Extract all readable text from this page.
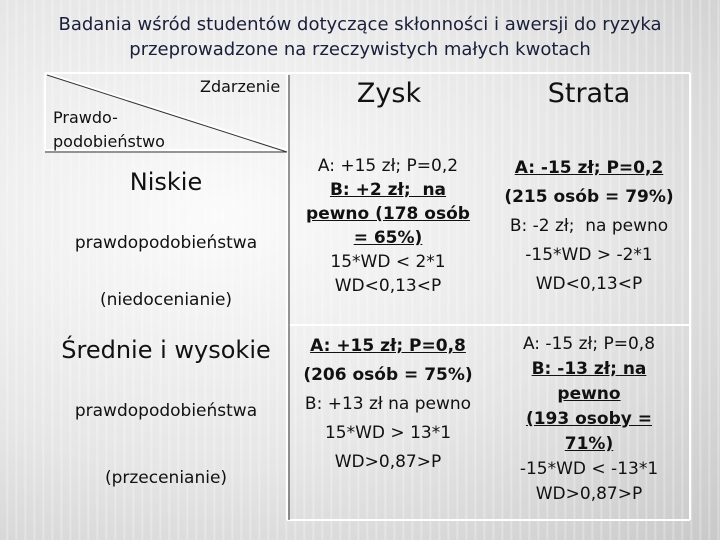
Badania wśród studentów dotyczące skłonności i awersji do ryzyka
przeprowadzone na rzeczywistych małych kwotach
Zdarzenie
Prawdo-
podobieństwo
Zysk	Strata
Niskie
prawdopodobieństwa
(niedocenianie)
A: +15 zł; P=0,2
B: +2 zł;  na
pewno (178 osób
= 65%)
15*WD < 2*1
WD<0,13<P
A: -15 zł; P=0,2
(215 osób = 79%)
B: -2 zł;  na pewno
-15*WD > -2*1
WD<0,13<P
Średnie i wysokie
prawdopodobieństwa
(przecenianie)
A: +15 zł; P=0,8
(206 osób = 75%)
B: +13 zł na pewno
15*WD > 13*1
WD>0,87>P
A: -15 zł; P=0,8
B: -13 zł; na
pewno
(193 osoby =
71%)
-15*WD < -13*1
WD>0,87>P
